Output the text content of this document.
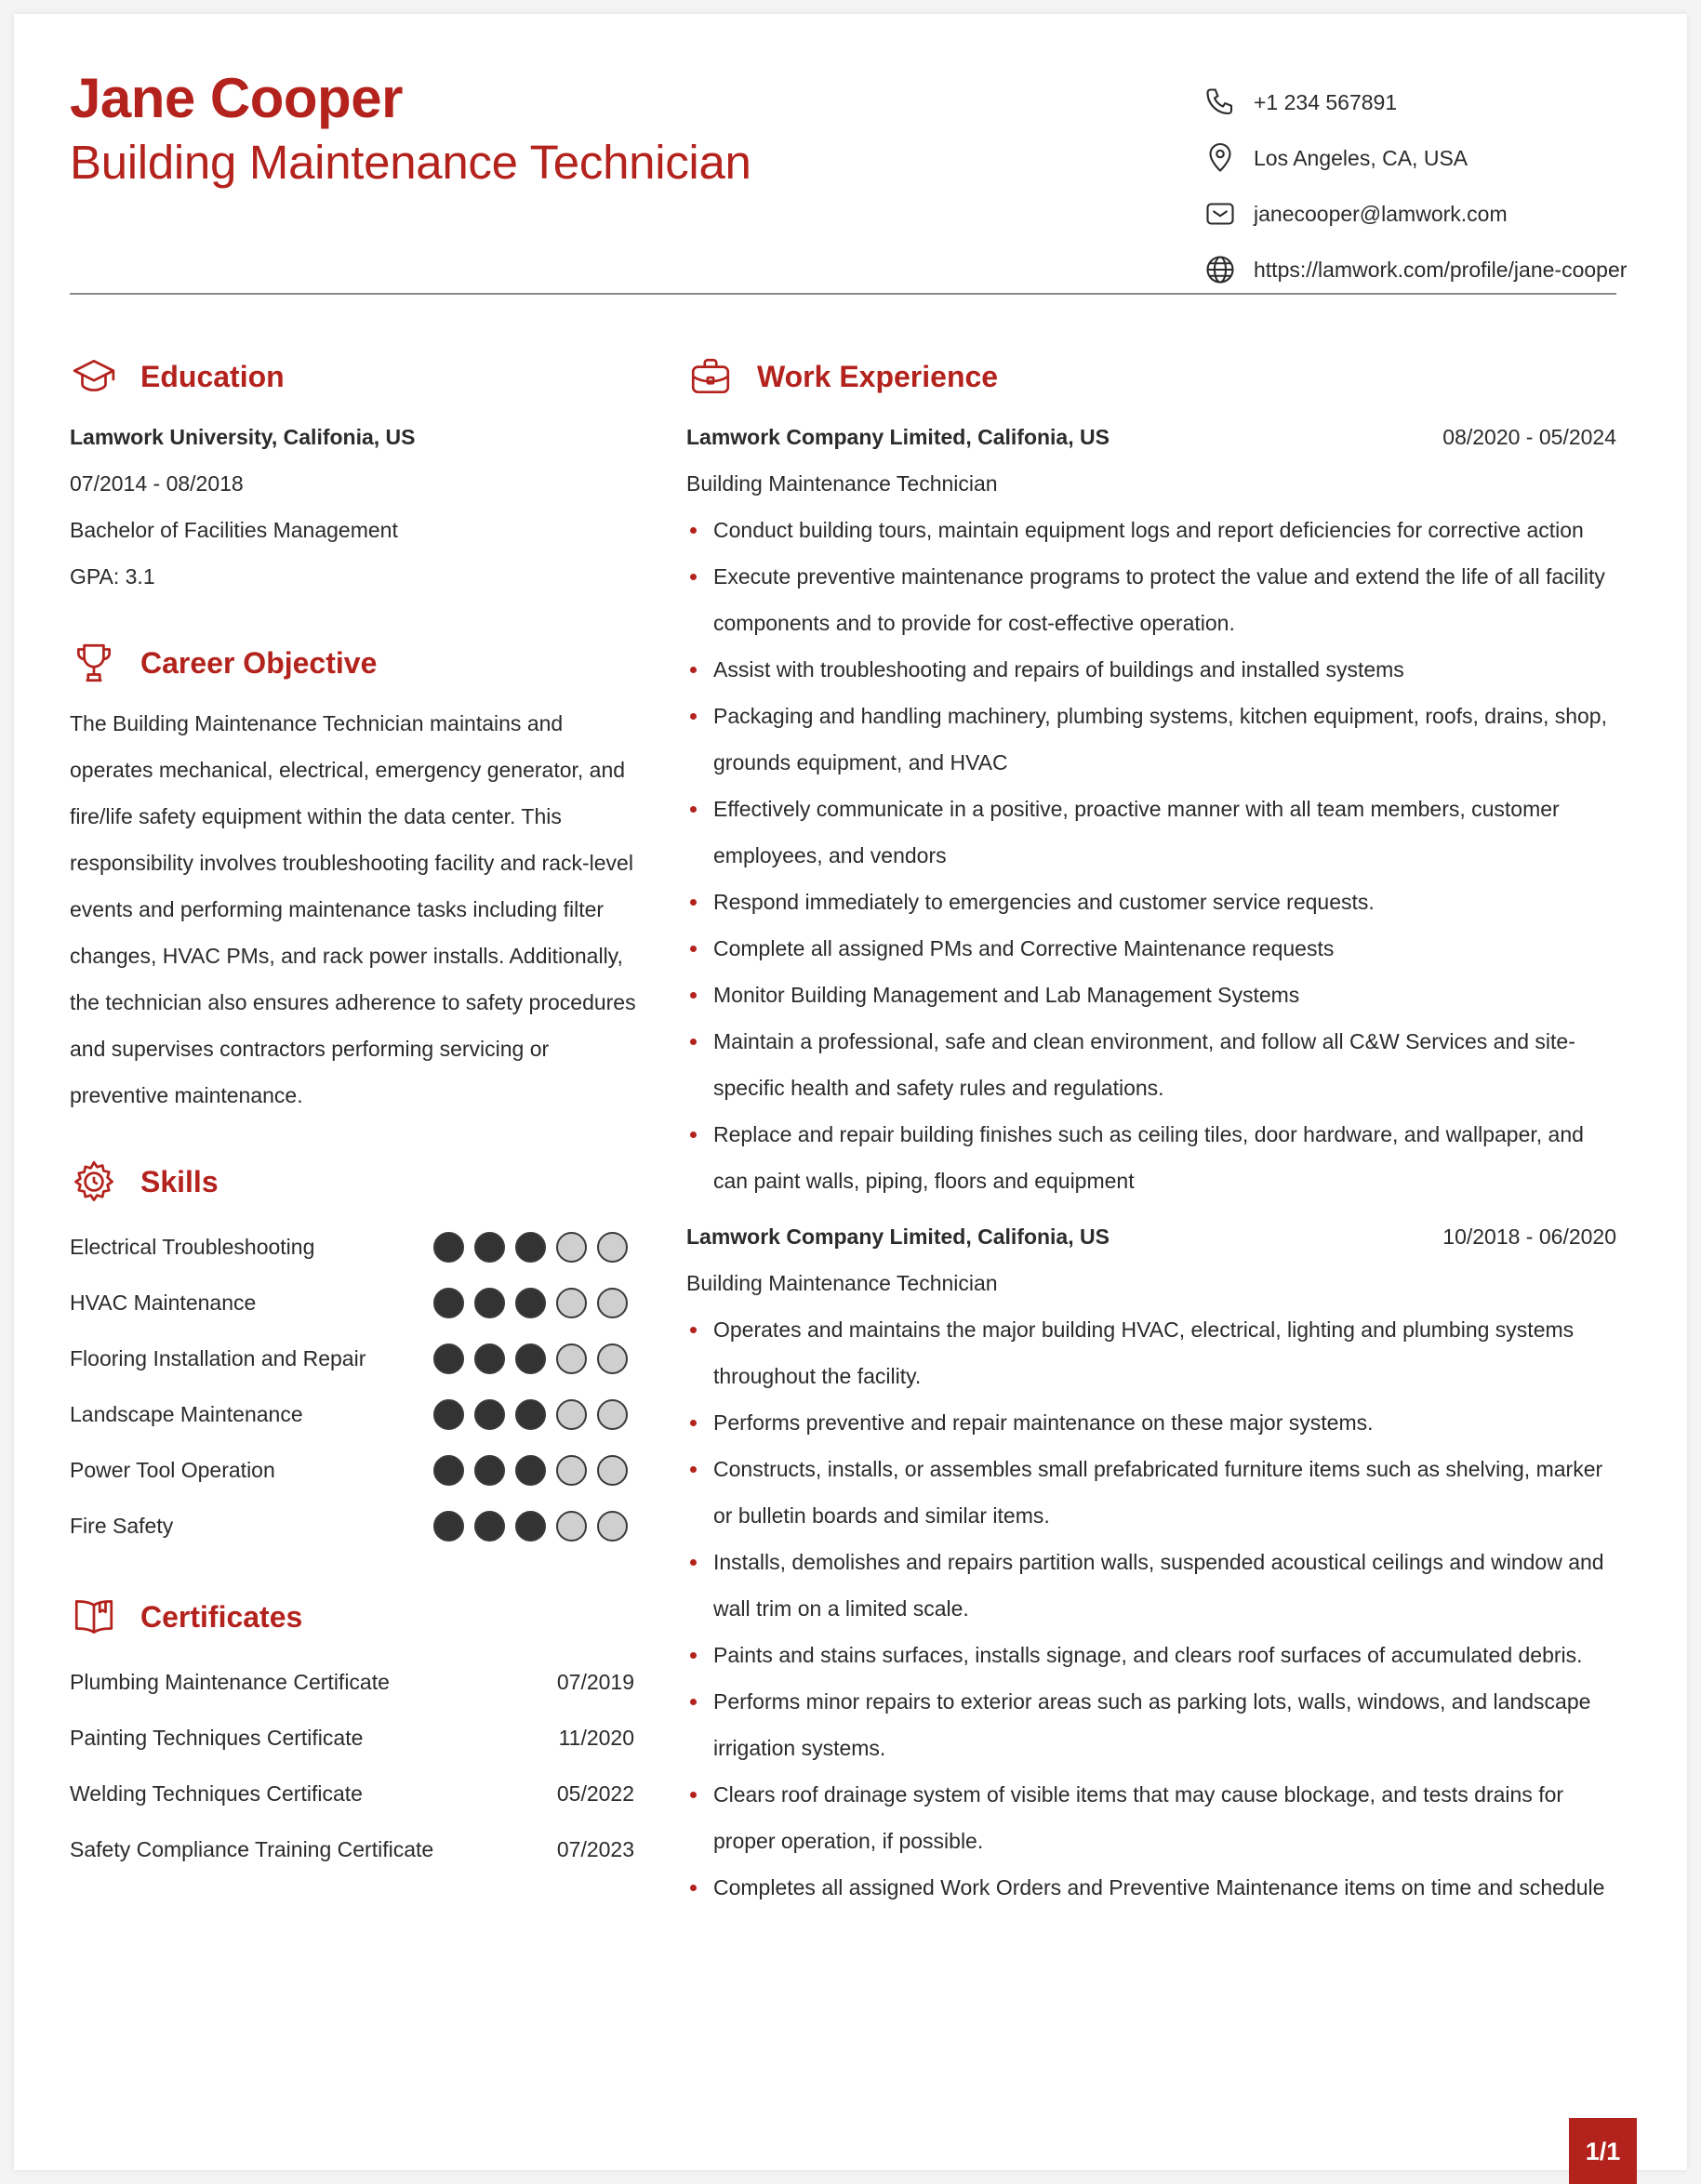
Jane Cooper
Building Maintenance Technician
+1 234 567891
Los Angeles, CA, USA
janecooper@lamwork.com
https://lamwork.com/profile/jane-cooper
Education
Lamwork University, Califonia, US
07/2014 - 08/2018
Bachelor of Facilities Management
GPA: 3.1
Career Objective

The Building Maintenance Technician maintains and operates mechanical, electrical, emergency generator, and fire/life safety equipment within the data center. This responsibility involves troubleshooting facility and rack-level events and performing maintenance tasks including filter changes, HVAC PMs, and rack power installs. Additionally, the technician also ensures adherence to safety procedures and supervises contractors performing servicing or preventive maintenance.

Skills
Electrical Troubleshooting
HVAC Maintenance
Flooring Installation and Repair
Landscape Maintenance
Power Tool Operation
Fire Safety
Certificates
Plumbing Maintenance Certificate	07/2019
Painting Techniques Certificate	11/2020
Welding Techniques Certificate	05/2022
Safety Compliance Training Certificate	07/2023
Work Experience
Lamwork Company Limited, Califonia, US	08/2020 - 05/2024
Building Maintenance Technician
Conduct building tours, maintain equipment logs and report deficiencies for corrective action
Execute preventive maintenance programs to protect the value and extend the life of all facility components and to provide for cost-effective operation.
Assist with troubleshooting and repairs of buildings and installed systems
Packaging and handling machinery, plumbing systems, kitchen equipment, roofs, drains, shop, grounds equipment, and HVAC
Effectively communicate in a positive, proactive manner with all team members, customer employees, and vendors
Respond immediately to emergencies and customer service requests.
Complete all assigned PMs and Corrective Maintenance requests
Monitor Building Management and Lab Management Systems
Maintain a professional, safe and clean environment, and follow all C&W Services and site-specific health and safety rules and regulations.
Replace and repair building finishes such as ceiling tiles, door hardware, and wallpaper, and can paint walls, piping, floors and equipment
Lamwork Company Limited, Califonia, US	10/2018 - 06/2020
Building Maintenance Technician
Operates and maintains the major building HVAC, electrical, lighting and plumbing systems throughout the facility.
Performs preventive and repair maintenance on these major systems.
Constructs, installs, or assembles small prefabricated furniture items such as shelving, marker or bulletin boards and similar items.
Installs, demolishes and repairs partition walls, suspended acoustical ceilings and window and wall trim on a limited scale.
Paints and stains surfaces, installs signage, and clears roof surfaces of accumulated debris.
Performs minor repairs to exterior areas such as parking lots, walls, windows, and landscape irrigation systems.
Clears roof drainage system of visible items that may cause blockage, and tests drains for proper operation, if possible.
Completes all assigned Work Orders and Preventive Maintenance items on time and schedule
1/1
